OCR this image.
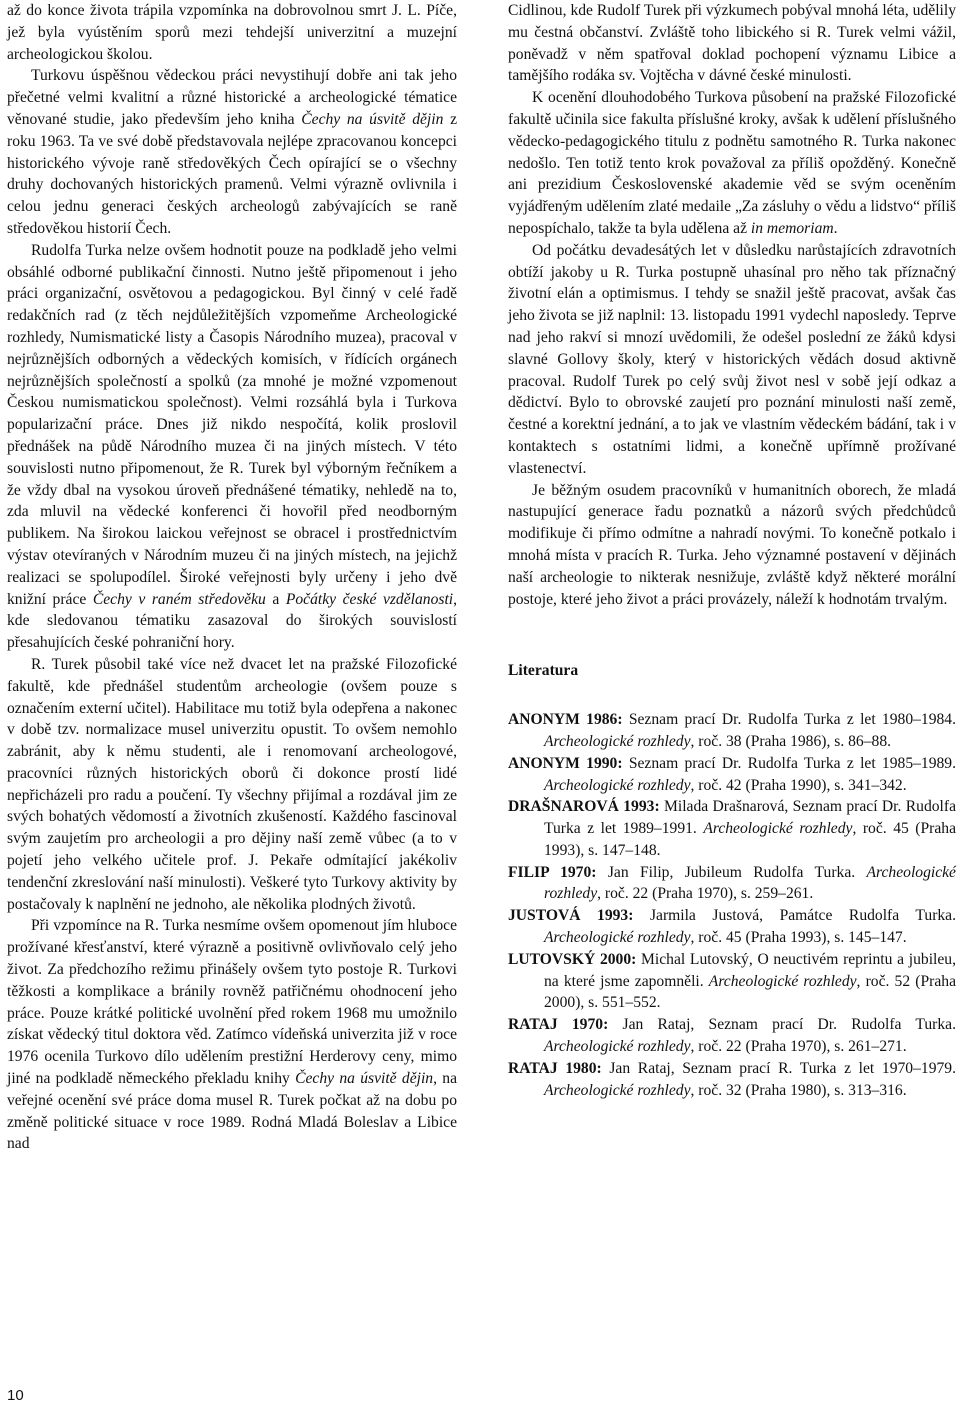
až do konce života trápila vzpomínka na dobrovolnou smrt J. L. Píče, jež byla vyústěním sporů mezi tehdejší univerzitní a muzejní archeologickou školou.

Turkovu úspěšnou vědeckou práci nevystihují dobře ani tak jeho přečetné velmi kvalitní a různé historické a archeologické tématice věnované studie, jako především jeho kniha Čechy na úsvitě dějin z roku 1963. Ta ve své době představovala nejlépe zpracovanou koncepci historického vývoje raně středověkých Čech opírající se o všechny druhy dochovaných historických pramenů. Velmi výrazně ovlivnila i celou jednu generaci českých archeologů zabývajících se raně středověkou historií Čech.

Rudolfa Turka nelze ovšem hodnotit pouze na podkladě jeho velmi obsáhlé odborné publikační činnosti. Nutno ještě připomenout i jeho práci organizační, osvětovou a pedagogickou. Byl činný v celé řadě redakčních rad (z těch nejdůležitějších vzpomeňme Archeologické rozhledy, Numismatické listy a Časopis Národního muzea), pracoval v nejrůznějších odborných a vědeckých komisích, v řídících orgánech nejrůznějších společností a spolků (za mnohé je možné vzpomenout Českou numismatickou společnost). Velmi rozsáhlá byla i Turkova popularizační práce. Dnes již nikdo nespočítá, kolik proslovil přednášek na půdě Národního muzea či na jiných místech. V této souvislosti nutno připomenout, že R. Turek byl výborným řečníkem a že vždy dbal na vysokou úroveň přednášené tématiky, nehledě na to, zda mluvil na vědecké konferenci či hovořil před neodborným publikem. Na širokou laickou veřejnost se obracel i prostřednictvím výstav otevíraných v Národním muzeu či na jiných místech, na jejichž realizaci se spolupodílel. Široké veřejnosti byly určeny i jeho dvě knižní práce Čechy v raném středověku a Počátky české vzdělanosti, kde sledovanou tématiku zasazoval do širokých souvislostí přesahujících české pohraniční hory.

R. Turek působil také více než dvacet let na pražské Filozofické fakultě, kde přednášel studentům archeologie (ovšem pouze s označením externí učitel). Habilitace mu totiž byla odepřena a nakonec v době tzv. normalizace musel univerzitu opustit. To ovšem nemohlo zabránit, aby k němu studenti, ale i renomovaní archeologové, pracovníci různých historických oborů či dokonce prostí lidé nepřicházeli pro radu a poučení. Ty všechny přijímal a rozdával jim ze svých bohatých vědomostí a životních zkušeností. Každého fascinoval svým zaujetím pro archeologii a pro dějiny naší země vůbec (a to v pojetí jeho velkého učitele prof. J. Pekaře odmítající jakékoliv tendenční zkreslování naší minulosti). Veškeré tyto Turkovy aktivity by postačovaly k naplnění ne jednoho, ale několika plodných životů.

Při vzpomínce na R. Turka nesmíme ovšem opomenout jím hluboce prožívané křesťanství, které výrazně a positivně ovlivňovalo celý jeho život. Za předchozího režimu přinášely ovšem tyto postoje R. Turkovi těžkosti a komplikace a bránily rovněž patřičnému ohodnocení jeho práce. Pouze krátké politické uvolnění před rokem 1968 mu umožnilo získat vědecký titul doktora věd. Zatímco vídeňská univerzita již v roce 1976 ocenila Turkovo dílo udělením prestižní Herderovy ceny, mimo jiné na podkladě německého překladu knihy Čechy na úsvitě dějin, na veřejné ocenění své práce doma musel R. Turek počkat až na dobu po změně politické situace v roce 1989. Rodná Mladá Boleslav a Libice nad

Cidlinou, kde Rudolf Turek při výzkumech pobýval mnohá léta, udělily mu čestná občanství. Zvláště toho libického si R. Turek velmi vážil, poněvadž v něm spatřoval doklad pochopení významu Libice a tamějšího rodáka sv. Vojtěcha v dávné české minulosti.

K ocenění dlouhodobého Turkova působení na pražské Filozofické fakultě učinila sice fakulta příslušné kroky, avšak k udělení příslušného vědecko-pedagogického titulu z podnětu samotného R. Turka nakonec nedošlo. Ten totiž tento krok považoval za příliš opožděný. Konečně ani prezidium Československé akademie věd se svým oceněním vyjádřeným udělením zlaté medaile „Za zásluhy o vědu a lidstvo“ příliš nepospíchalo, takže ta byla udělena až in memoriam.

Od počátku devadesátých let v důsledku narůstajících zdravotních obtíží jakoby u R. Turka postupně uhasínal pro něho tak příznačný životní elán a optimismus. I tehdy se snažil ještě pracovat, avšak čas jeho života se již naplnil: 13. listopadu 1991 vydechl naposledy. Teprve nad jeho rakví si mnozí uvědomili, že odešel poslední ze žáků kdysi slavné Gollovy školy, který v historických vědách dosud aktivně pracoval. Rudolf Turek po celý svůj život nesl v sobě její odkaz a dědictví. Bylo to obrovské zaujetí pro poznání minulosti naší země, čestné a korektní jednání, a to jak ve vlastním vědeckém bádání, tak i v kontaktech s ostatními lidmi, a konečně upřímně prožívané vlastenectví.

Je běžným osudem pracovníků v humanitních oborech, že mladá nastupující generace řadu poznatků a názorů svých předchůdců modifikuje či přímo odmítne a nahradí novými. To konečně potkalo i mnohá místa v pracích R. Turka. Jeho významné postavení v dějinách naší archeologie to nikterak nesnižuje, zvláště když některé morální postoje, které jeho život a práci provázely, náleží k hodnotám trvalým.

Literatura

ANONYM 1986: Seznam prací Dr. Rudolfa Turka z let 1980–1984. Archeologické rozhledy, roč. 38 (Praha 1986), s. 86–88.

ANONYM 1990: Seznam prací Dr. Rudolfa Turka z let 1985–1989. Archeologické rozhledy, roč. 42 (Praha 1990), s. 341–342.

DRAŠNAROVÁ 1993: Milada Drašnarová, Seznam prací Dr. Rudolfa Turka z let 1989–1991. Archeologické rozhledy, roč. 45 (Praha 1993), s. 147–148.

FILIP 1970: Jan Filip, Jubileum Rudolfa Turka. Archeologické rozhledy, roč. 22 (Praha 1970), s. 259–261.

JUSTOVÁ 1993: Jarmila Justová, Památce Rudolfa Turka. Archeologické rozhledy, roč. 45 (Praha 1993), s. 145–147.

LUTOVSKÝ 2000: Michal Lutovský, O neuctivém reprintu a jubileu, na které jsme zapomněli. Archeologické rozhledy, roč. 52 (Praha 2000), s. 551–552.

RATAJ 1970: Jan Rataj, Seznam prací Dr. Rudolfa Turka. Archeologické rozhledy, roč. 22 (Praha 1970), s. 261–271.

RATAJ 1980: Jan Rataj, Seznam prací R. Turka z let 1970–1979. Archeologické rozhledy, roč. 32 (Praha 1980), s. 313–316.

10
